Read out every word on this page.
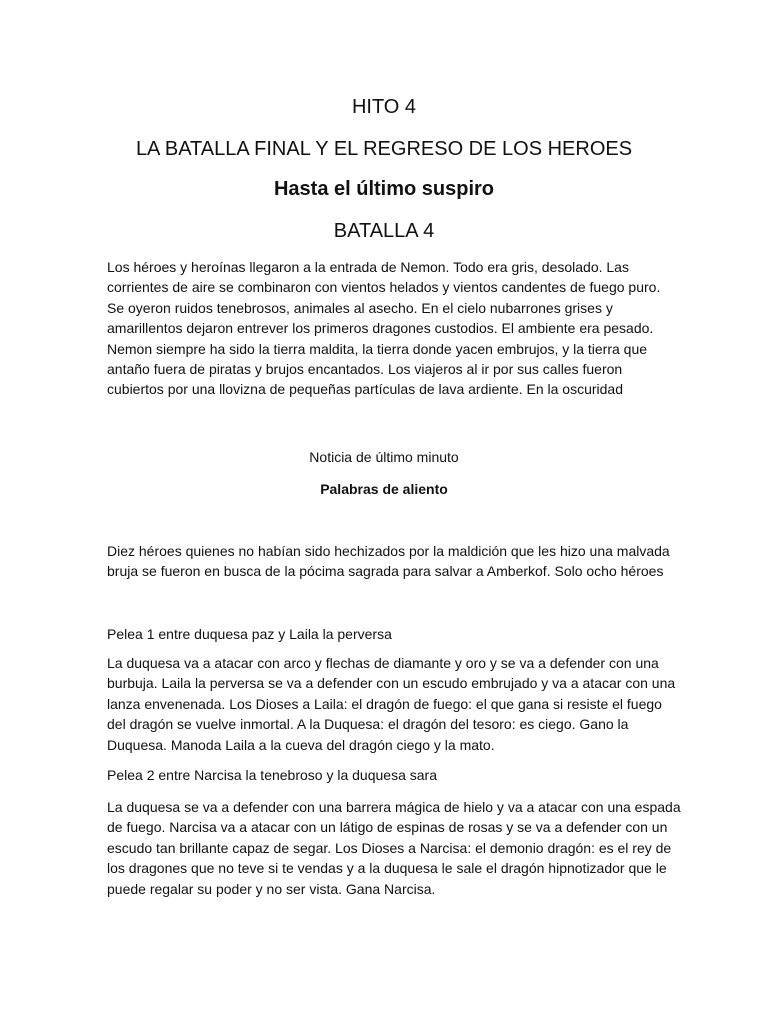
HITO 4
LA BATALLA FINAL Y EL REGRESO DE LOS HEROES
Hasta el último suspiro
BATALLA 4
Los héroes y heroínas llegaron a la entrada de Nemon. Todo era gris, desolado. Las
corrientes de aire se combinaron con vientos helados y vientos candentes de fuego puro.
Se oyeron ruidos tenebrosos, animales al asecho. En el cielo nubarrones grises y
amarillentos dejaron entrever los primeros dragones custodios. El ambiente era pesado.
Nemon siempre ha sido la tierra maldita, la tierra donde yacen embrujos, y la tierra que
antaño fuera de piratas y brujos encantados. Los viajeros al ir por sus calles fueron
cubiertos por una llovizna de pequeñas partículas de lava ardiente. En la oscuridad
Noticia de último minuto
Palabras de aliento
Diez héroes quienes no habían sido hechizados por la maldición que les hizo una malvada
bruja se fueron en busca de la pócima sagrada para salvar a Amberkof. Solo ocho héroes
Pelea 1 entre duquesa paz y Laila la perversa
La duquesa va a atacar con arco y flechas de diamante y oro y se va a defender con una
burbuja. Laila la perversa se va a defender con un escudo embrujado y va a atacar con una
lanza envenenada. Los Dioses a Laila: el dragón de fuego: el que gana si resiste el fuego
del dragón se vuelve inmortal. A la Duquesa: el dragón del tesoro: es ciego. Gano la
Duquesa. Manoda Laila a la cueva del dragón ciego y la mato.
Pelea 2 entre Narcisa la tenebroso y la duquesa sara
La duquesa se va a defender con una barrera mágica de hielo y va a atacar con una espada
de fuego. Narcisa va a atacar con un látigo de espinas de rosas y se va a defender con un
escudo tan brillante capaz de segar. Los Dioses a Narcisa: el demonio dragón: es el rey de
los dragones que no teve si te vendas y a la duquesa le sale el dragón hipnotizador que le
puede regalar su poder y no ser vista. Gana Narcisa.
